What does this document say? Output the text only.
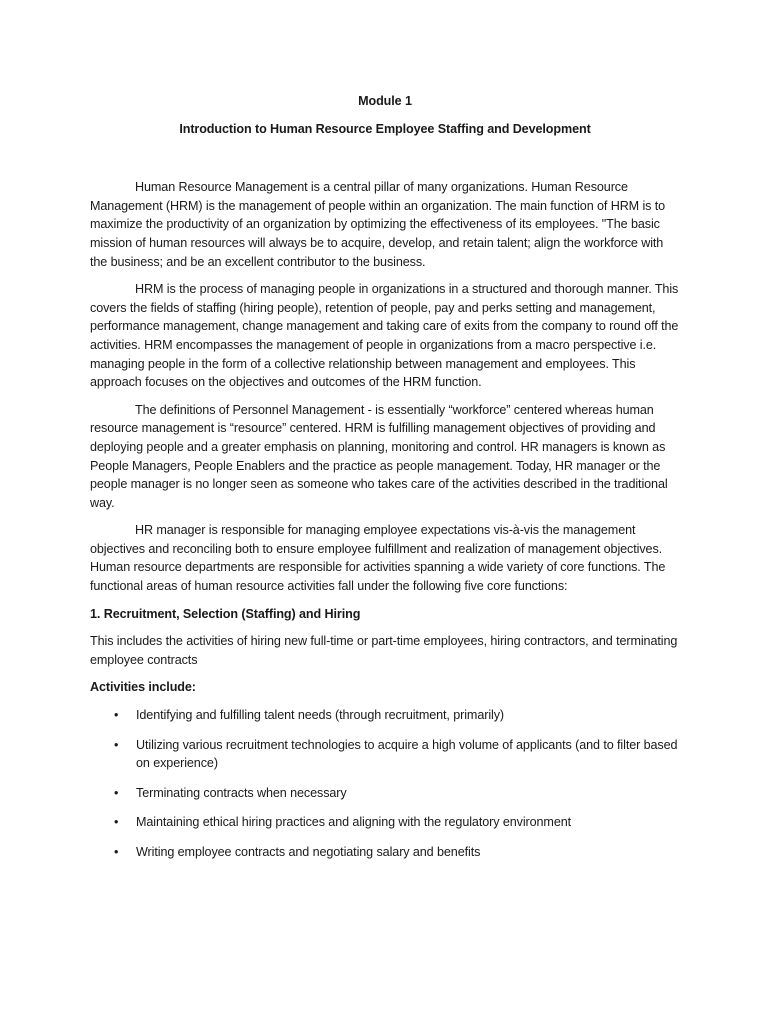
Module 1
Introduction to Human Resource Employee Staffing and Development

Human Resource Management is a central pillar of many organizations. Human Resource Management (HRM) is the management of people within an organization. The main function of HRM is to maximize the productivity of an organization by optimizing the effectiveness of its employees. "The basic mission of human resources will always be to acquire, develop, and retain talent; align the workforce with the business; and be an excellent contributor to the business.

HRM is the process of managing people in organizations in a structured and thorough manner. This covers the fields of staffing (hiring people), retention of people, pay and perks setting and management, performance management, change management and taking care of exits from the company to round off the activities. HRM encompasses the management of people in organizations from a macro perspective i.e. managing people in the form of a collective relationship between management and employees. This approach focuses on the objectives and outcomes of the HRM function.

The definitions of Personnel Management - is essentially “workforce” centered whereas human resource management is “resource” centered. HRM is fulfilling management objectives of providing and deploying people and a greater emphasis on planning, monitoring and control. HR managers is known as People Managers, People Enablers and the practice as people management. Today, HR manager or the people manager is no longer seen as someone who takes care of the activities described in the traditional way.

HR manager is responsible for managing employee expectations vis-à-vis the management objectives and reconciling both to ensure employee fulfillment and realization of management objectives. Human resource departments are responsible for activities spanning a wide variety of core functions. The functional areas of human resource activities fall under the following five core functions:

1. Recruitment, Selection (Staffing) and Hiring

This includes the activities of hiring new full-time or part-time employees, hiring contractors, and terminating employee contracts

Activities include:
• Identifying and fulfilling talent needs (through recruitment, primarily)
• Utilizing various recruitment technologies to acquire a high volume of applicants (and to filter based on experience)
• Terminating contracts when necessary
• Maintaining ethical hiring practices and aligning with the regulatory environment
• Writing employee contracts and negotiating salary and benefits
